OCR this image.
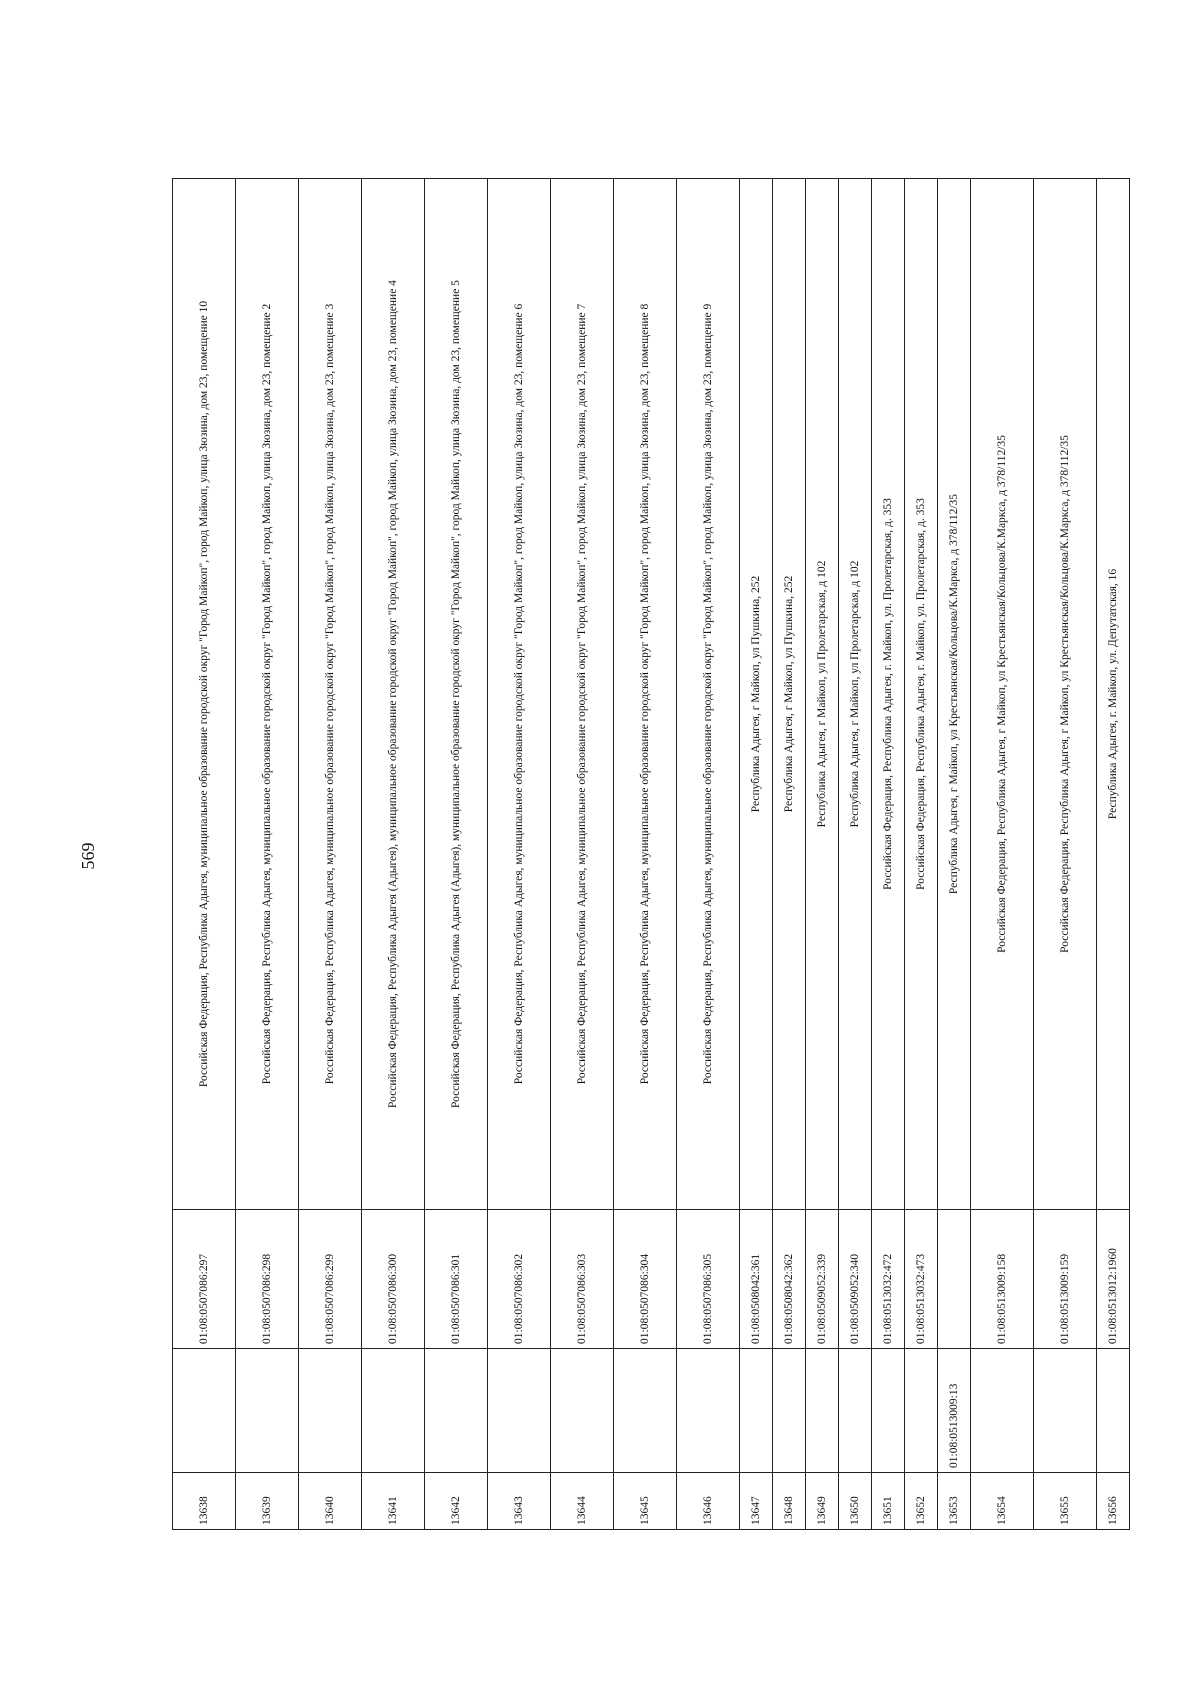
569
13638		01:08:0507086:297	Российская Федерация, Республика Адыгея, муниципальное образование городской округ "Город Майкоп", город Майкоп, улица Зюзина, дом 23, помещение 10
13639		01:08:0507086:298	Российская Федерация, Республика Адыгея, муниципальное образование городской округ "Город Майкоп", город Майкоп, улица Зюзина, дом 23, помещение 2
13640		01:08:0507086:299	Российская Федерация, Республика Адыгея, муниципальное образование городской округ "Город Майкоп", город Майкоп, улица Зюзина, дом 23, помещение 3
13641		01:08:0507086:300	Российская Федерация, Республика Адыгея (Адыгея), муниципальное образование городской округ "Город Майкоп", город Майкоп, улица Зюзина, дом 23, помещение 4
13642		01:08:0507086:301	Российская Федерация, Республика Адыгея (Адыгея), муниципальное образование городской округ "Город Майкоп", город Майкоп, улица Зюзина, дом 23, помещение 5
13643		01:08:0507086:302	Российская Федерация, Республика Адыгея, муниципальное образование городской округ "Город Майкоп", город Майкоп, улица Зюзина, дом 23, помещение 6
13644		01:08:0507086:303	Российская Федерация, Республика Адыгея, муниципальное образование городской округ "Город Майкоп", город Майкоп, улица Зюзина, дом 23, помещение 7
13645		01:08:0507086:304	Российская Федерация, Республика Адыгея, муниципальное образование городской округ "Город Майкоп", город Майкоп, улица Зюзина, дом 23, помещение 8
13646		01:08:0507086:305	Российская Федерация, Республика Адыгея, муниципальное образование городской округ "Город Майкоп", город Майкоп, улица Зюзина, дом 23, помещение 9
13647		01:08:0508042:361	Республика Адыгея, г Майкоп, ул Пушкина, 252
13648		01:08:0508042:362	Республика Адыгея, г Майкоп, ул Пушкина, 252
13649		01:08:0509052:339	Республика Адыгея, г Майкоп, ул Пролетарская, д 102
13650		01:08:0509052:340	Республика Адыгея, г Майкоп, ул Пролетарская, д 102
13651		01:08:0513032:472	Российская Федерация, Республика Адыгея, г. Майкоп, ул. Пролетарская, д. 353
13652		01:08:0513032:473	Российская Федерация, Республика Адыгея, г. Майкоп, ул. Пролетарская, д. 353
13653	01:08:0513009:13		Республика Адыгея, г Майкоп, ул Крестьянская/Кольцова/К.Маркса, д 378/112/35
13654		01:08:0513009:158	Российская Федерация, Республика Адыгея, г Майкоп, ул Крестьянская/Кольцова/К.Маркса, д 378/112/35
13655		01:08:0513009:159	Российская Федерация, Республика Адыгея, г Майкоп, ул Крестьянская/Кольцова/К.Маркса, д 378/112/35
13656		01:08:0513012:1960	Республика Адыгея, г. Майкоп, ул. Депутатская, 16
